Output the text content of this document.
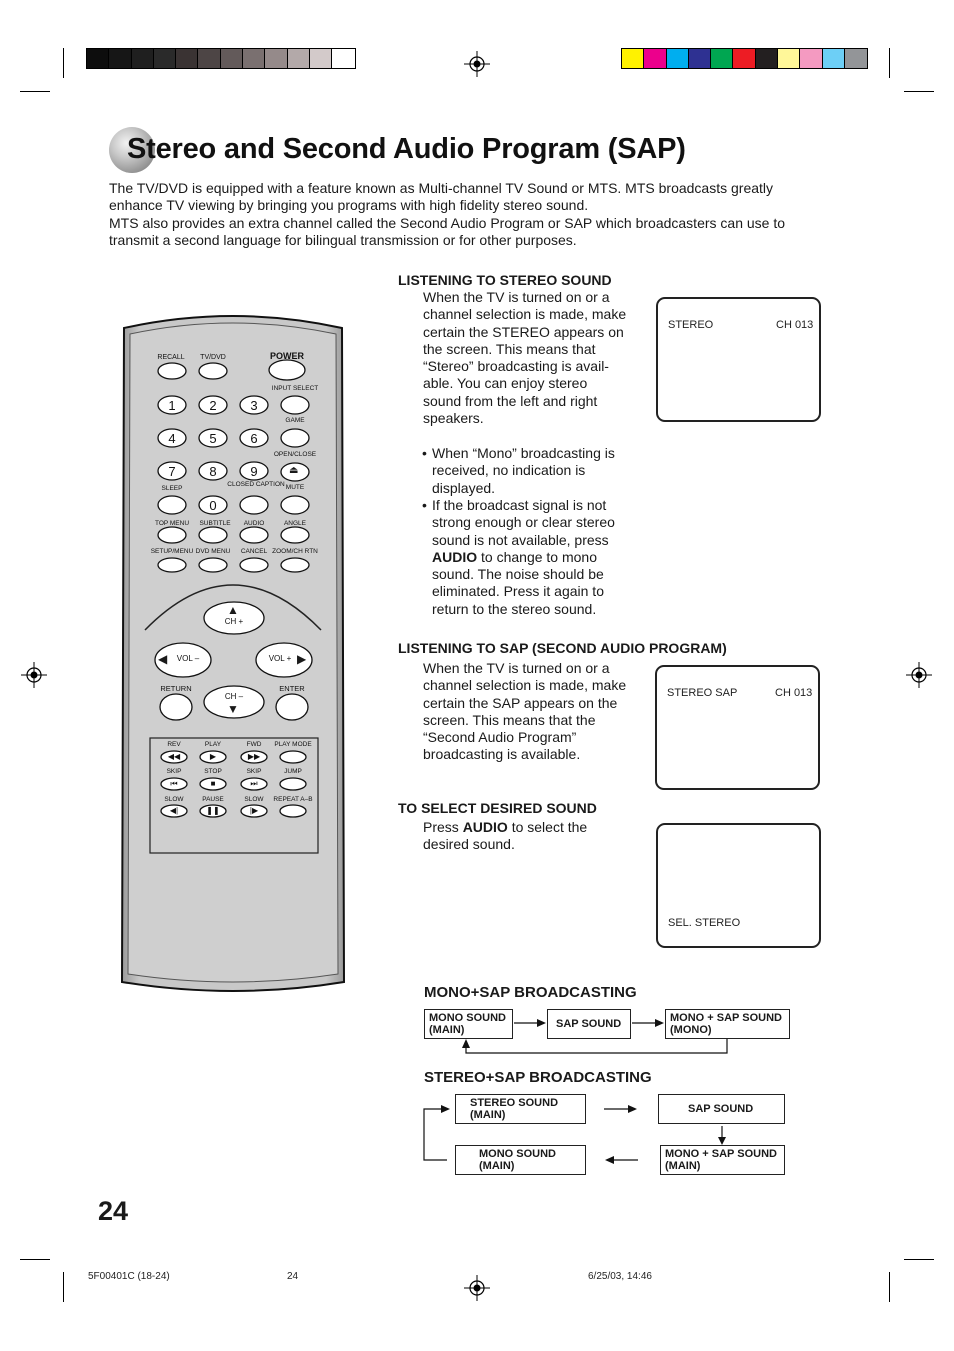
Stereo and Second Audio Program (SAP)

The TV/DVD is equipped with a feature known as Multi-channel TV Sound or MTS. MTS broadcasts greatly enhance TV viewing by bringing you programs with high fidelity stereo sound.

MTS also provides an extra channel called the Second Audio Program or SAP which broadcasters can use to transmit a second language for bilingual transmission or for other purposes.

RECALL TV/DVD	POWER
INPUT SELECT
1	2	3
4	5	6
7	8	9
0
GAME
OPEN/CLOSE
⏏
SLEEP
CLOSED CAPTION MUTE
TOP MENU SUBTITLE AUDIO	ANGLE
SETUP/MENU DVD MENU CANCEL ZOOM/CH RTN
CH +
▲
VOL –
◀	VOL + ▶
CH –
▼
RETURN	ENTER
REV
◀◀
PLAY
▶
FWD
▶▶
PLAY MODE
SKIP
⏮
STOP
■
SKIP
⏭
JUMP
SLOW
◀|
PAUSE
❚❚
SLOW
|▶
REPEAT A–B
LISTENING TO STEREO SOUND
When the TV is turned on or a
channel selection is made, make
certain the STEREO appears on
the screen. This means that
“Stereo” broadcasting is avail-
able. You can enjoy stereo
sound from the left and right
speakers.
• When “Mono” broadcasting is
received, no indication is
displayed.
• If the broadcast signal is not
strong enough or clear stereo
sound is not available, press
AUDIO to change to mono
sound. The noise should be
eliminated. Press it again to
return to the stereo sound.
STEREO	CH 013
LISTENING TO SAP (SECOND AUDIO PROGRAM)
When the TV is turned on or a
channel selection is made, make
certain the SAP appears on the
screen. This means that the
“Second Audio Program”
broadcasting is available.
STEREO SAP	CH 013
TO SELECT DESIRED SOUND
Press AUDIO to select the
desired sound.
SEL. STEREO
MONO+SAP BROADCASTING
MONO SOUND
(MAIN)	SAP SOUND	MONO + SAP SOUND
(MONO)
STEREO+SAP BROADCASTING
STEREO SOUND
(MAIN)	SAP SOUND
MONO + SAP SOUND
(MAIN)
MONO SOUND
(MAIN)
24
5F00401C (18-24)	24	6/25/03, 14:46
